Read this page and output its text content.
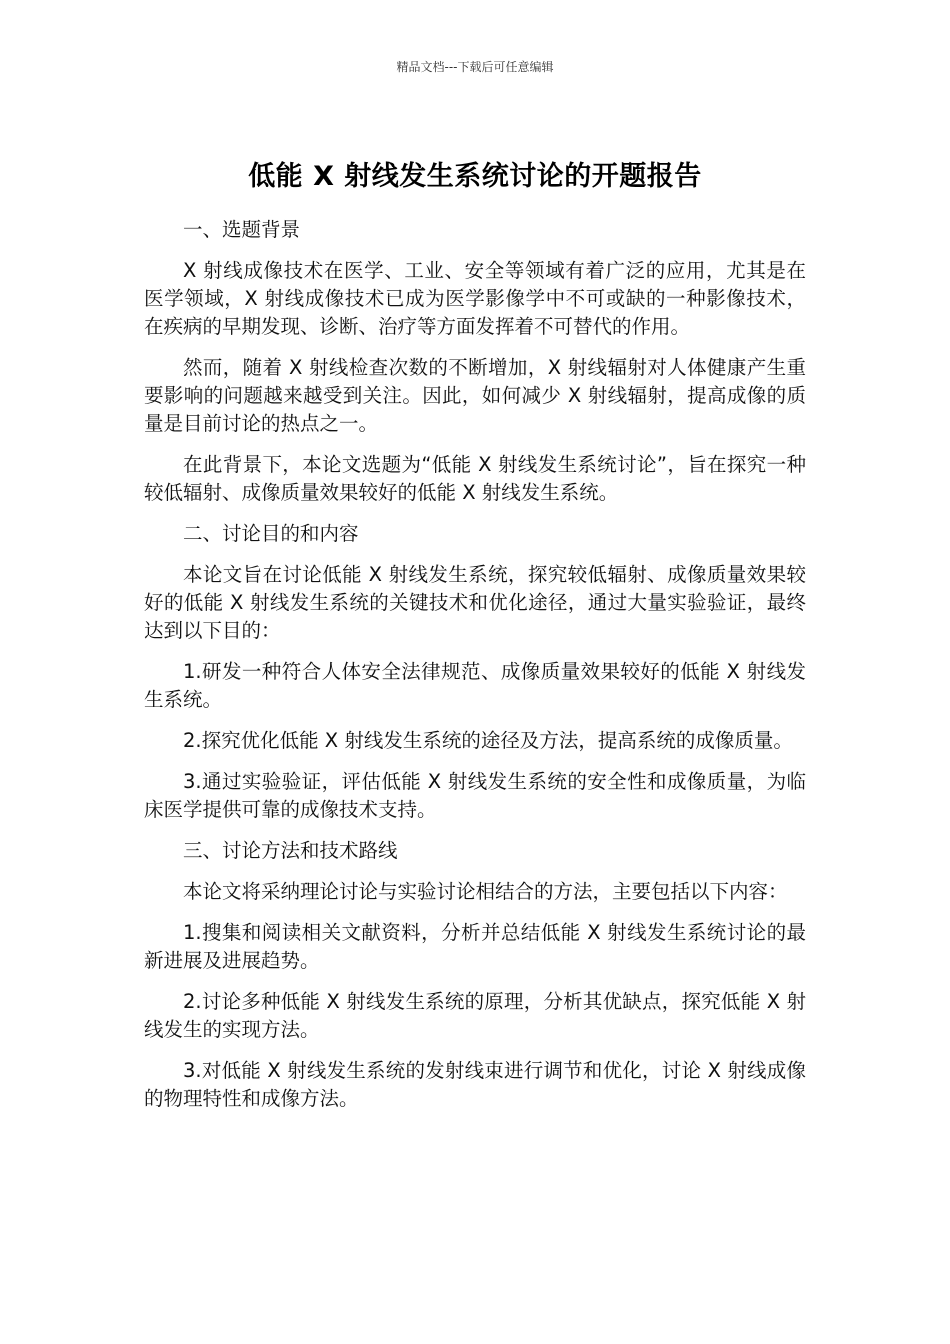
精品文档---下载后可任意编辑
低能 X 射线发生系统讨论的开题报告

一、选题背景

X 射线成像技术在医学、工业、安全等领域有着广泛的应用，尤其是在医学领域，X 射线成像技术已成为医学影像学中不可或缺的一种影像技术，在疾病的早期发现、诊断、治疗等方面发挥着不可替代的作用。

然而，随着 X 射线检查次数的不断增加，X 射线辐射对人体健康产生重要影响的问题越来越受到关注。因此，如何减少 X 射线辐射，提高成像的质量是目前讨论的热点之一。

在此背景下，本论文选题为“低能 X 射线发生系统讨论”，旨在探究一种较低辐射、成像质量效果较好的低能 X 射线发生系统。

二、讨论目的和内容

本论文旨在讨论低能 X 射线发生系统，探究较低辐射、成像质量效果较好的低能 X 射线发生系统的关键技术和优化途径，通过大量实验验证，最终达到以下目的：

1.研发一种符合人体安全法律规范、成像质量效果较好的低能 X 射线发生系统。

2.探究优化低能 X 射线发生系统的途径及方法，提高系统的成像质量。

3.通过实验验证，评估低能 X 射线发生系统的安全性和成像质量，为临床医学提供可靠的成像技术支持。

三、讨论方法和技术路线

本论文将采纳理论讨论与实验讨论相结合的方法，主要包括以下内容：

1.搜集和阅读相关文献资料，分析并总结低能 X 射线发生系统讨论的最新进展及进展趋势。

2.讨论多种低能 X 射线发生系统的原理，分析其优缺点，探究低能 X 射线发生的实现方法。

3.对低能 X 射线发生系统的发射线束进行调节和优化，讨论 X 射线成像的物理特性和成像方法。
